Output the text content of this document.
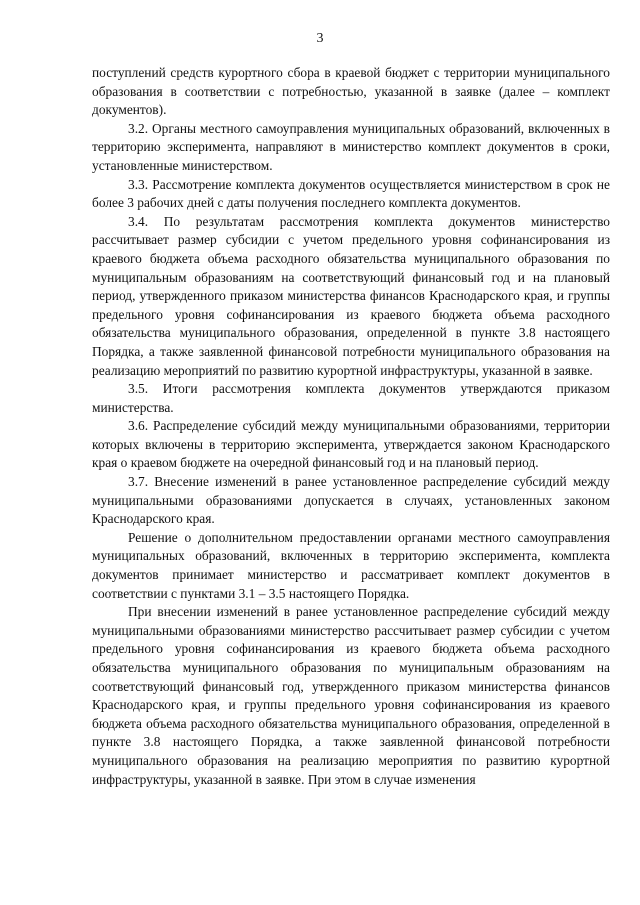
3

поступлений средств курортного сбора в краевой бюджет с территории муниципального образования в соответствии с потребностью, указанной в заявке (далее – комплект документов).

3.2. Органы местного самоуправления муниципальных образований, включенных в территорию эксперимента, направляют в министерство комплект документов в сроки, установленные министерством.

3.3. Рассмотрение комплекта документов осуществляется министерством в срок не более 3 рабочих дней с даты получения последнего комплекта документов.

3.4. По результатам рассмотрения комплекта документов министерство рассчитывает размер субсидии с учетом предельного уровня софинансирования из краевого бюджета объема расходного обязательства муниципального образования по муниципальным образованиям на соответствующий финансовый год и на плановый период, утвержденного приказом министерства финансов Краснодарского края, и группы предельного уровня софинансирования из краевого бюджета объема расходного обязательства муниципального образования, определенной в пункте 3.8 настоящего Порядка, а также заявленной финансовой потребности муниципального образования на реализацию мероприятий по развитию курортной инфраструктуры, указанной в заявке.

3.5. Итоги рассмотрения комплекта документов утверждаются приказом министерства.

3.6. Распределение субсидий между муниципальными образованиями, территории которых включены в территорию эксперимента, утверждается законом Краснодарского края о краевом бюджете на очередной финансовый год и на плановый период.

3.7. Внесение изменений в ранее установленное распределение субсидий между муниципальными образованиями допускается в случаях, установленных законом Краснодарского края.

Решение о дополнительном предоставлении органами местного самоуправления муниципальных образований, включенных в территорию эксперимента, комплекта документов принимает министерство и рассматривает комплект документов в соответствии с пунктами 3.1 – 3.5 настоящего Порядка.

При внесении изменений в ранее установленное распределение субсидий между муниципальными образованиями министерство рассчитывает размер субсидии с учетом предельного уровня софинансирования из краевого бюджета объема расходного обязательства муниципального образования по муниципальным образованиям на соответствующий финансовый год, утвержденного приказом министерства финансов Краснодарского края, и группы предельного уровня софинансирования из краевого бюджета объема расходного обязательства муниципального образования, определенной в пункте 3.8 настоящего Порядка, а также заявленной финансовой потребности муниципального образования на реализацию мероприятия по развитию курортной инфраструктуры, указанной в заявке. При этом в случае изменения
